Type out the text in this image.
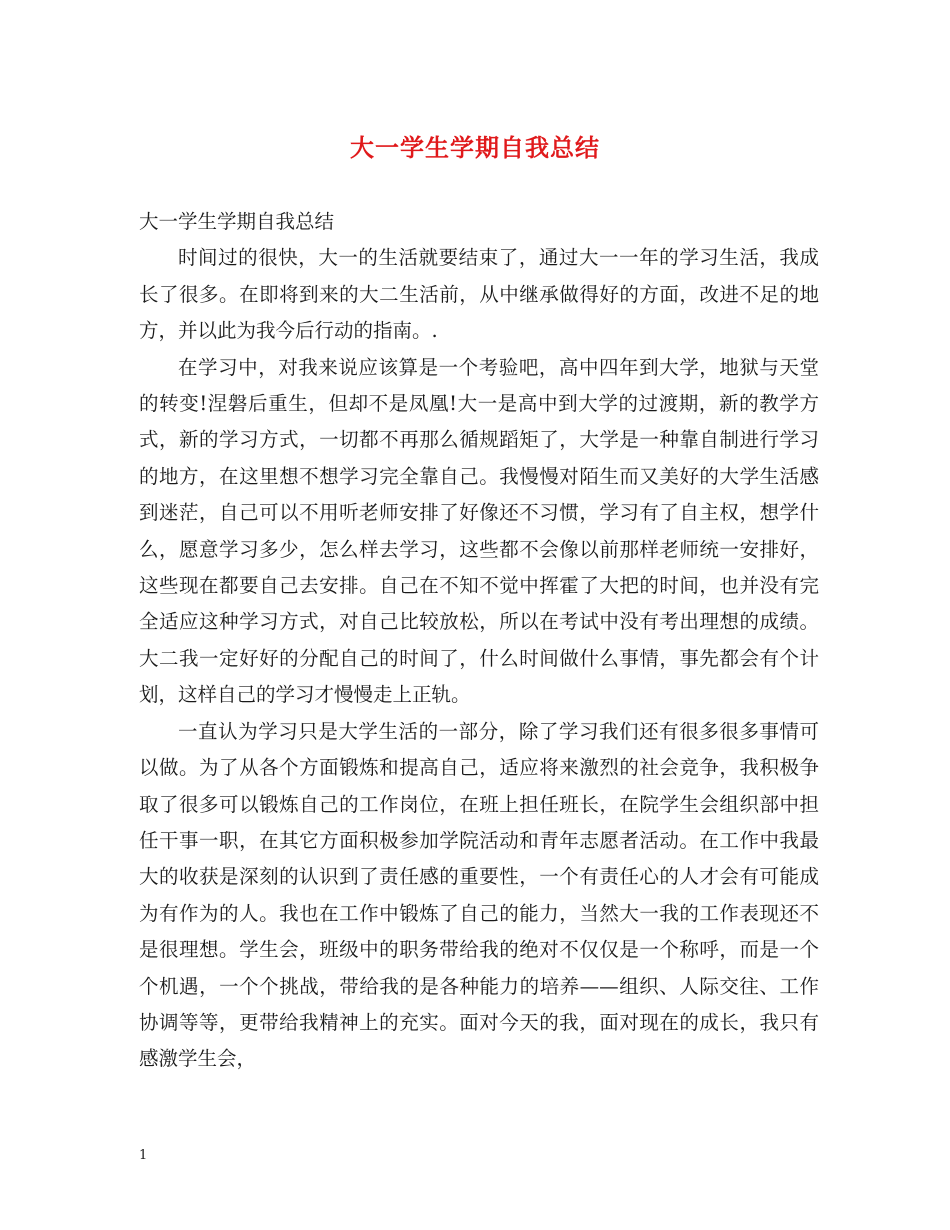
大一学生学期自我总结

大一学生学期自我总结

时间过的很快，大一的生活就要结束了，通过大一一年的学习生活，我成长了很多。在即将到来的大二生活前，从中继承做得好的方面，改进不足的地方，并以此为我今后行动的指南。.

在学习中，对我来说应该算是一个考验吧，高中四年到大学，地狱与天堂的转变!涅磐后重生，但却不是凤凰!大一是高中到大学的过渡期，新的教学方式，新的学习方式，一切都不再那么循规蹈矩了，大学是一种靠自制进行学习的地方，在这里想不想学习完全靠自己。我慢慢对陌生而又美好的大学生活感到迷茫，自己可以不用听老师安排了好像还不习惯，学习有了自主权，想学什么，愿意学习多少，怎么样去学习，这些都不会像以前那样老师统一安排好，这些现在都要自己去安排。自己在不知不觉中挥霍了大把的时间，也并没有完全适应这种学习方式，对自己比较放松，所以在考试中没有考出理想的成绩。大二我一定好好的分配自己的时间了，什么时间做什么事情，事先都会有个计划，这样自己的学习才慢慢走上正轨。

一直认为学习只是大学生活的一部分，除了学习我们还有很多很多事情可以做。为了从各个方面锻炼和提高自己，适应将来激烈的社会竞争，我积极争取了很多可以锻炼自己的工作岗位，在班上担任班长，在院学生会组织部中担任干事一职，在其它方面积极参加学院活动和青年志愿者活动。在工作中我最大的收获是深刻的认识到了责任感的重要性，一个有责任心的人才会有可能成为有作为的人。我也在工作中锻炼了自己的能力，当然大一我的工作表现还不是很理想。学生会，班级中的职务带给我的绝对不仅仅是一个称呼，而是一个个机遇，一个个挑战，带给我的是各种能力的培养——组织、人际交往、工作协调等等，更带给我精神上的充实。面对今天的我，面对现在的成长，我只有感激学生会，

1
